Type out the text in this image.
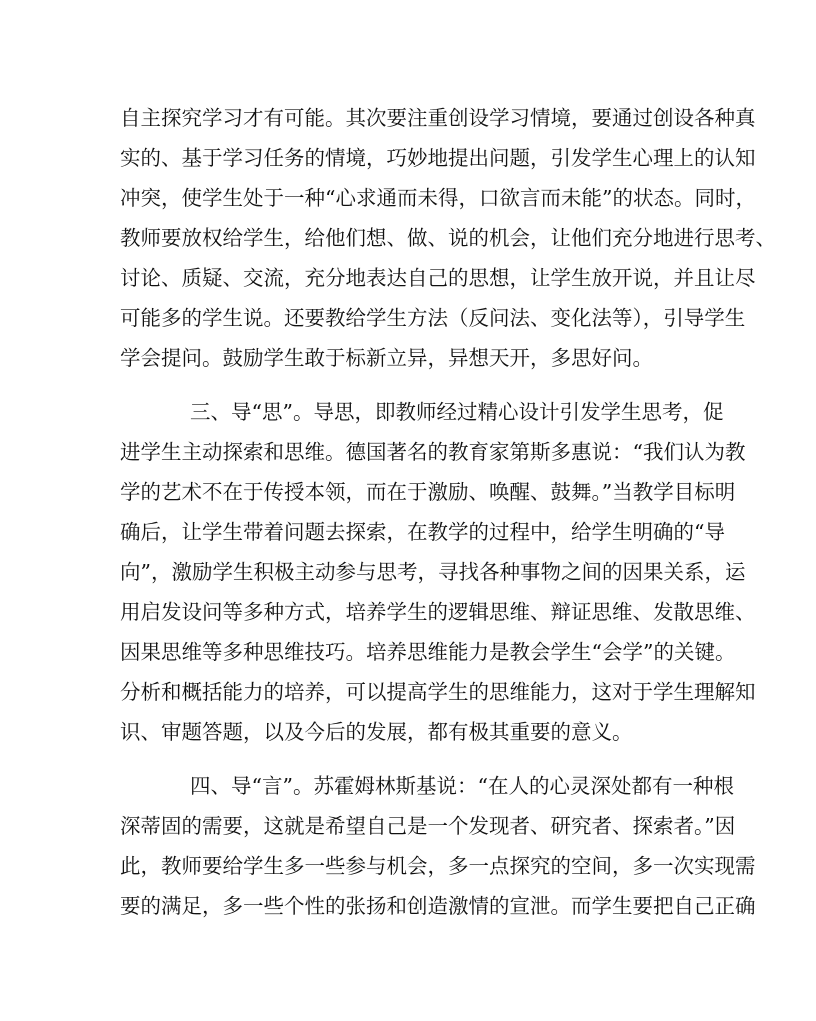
自主探究学习才有可能。其次要注重创设学习情境，要通过创设各种真
实的、基于学习任务的情境，巧妙地提出问题，引发学生心理上的认知
冲突，使学生处于一种“心求通而未得，口欲言而未能”的状态。同时，
教师要放权给学生，给他们想、做、说的机会，让他们充分地进行思考、
讨论、质疑、交流，充分地表达自己的思想，让学生放开说，并且让尽
可能多的学生说。还要教给学生方法（反问法、变化法等），引导学生
学会提问。鼓励学生敢于标新立异，异想天开，多思好问。
三、导“思”。导思，即教师经过精心设计引发学生思考，促
进学生主动探索和思维。德国著名的教育家第斯多惠说：“我们认为教
学的艺术不在于传授本领，而在于激励、唤醒、鼓舞。”当教学目标明
确后，让学生带着问题去探索，在教学的过程中，给学生明确的“导
向”，激励学生积极主动参与思考，寻找各种事物之间的因果关系，运
用启发设问等多种方式，培养学生的逻辑思维、辩证思维、发散思维、
因果思维等多种思维技巧。培养思维能力是教会学生“会学”的关键。
分析和概括能力的培养，可以提高学生的思维能力，这对于学生理解知
识、审题答题，以及今后的发展，都有极其重要的意义。
四、导“言”。苏霍姆林斯基说：“在人的心灵深处都有一种根
深蒂固的需要，这就是希望自己是一个发现者、研究者、探索者。”因
此，教师要给学生多一些参与机会，多一点探究的空间，多一次实现需
要的满足，多一些个性的张扬和创造激情的宣泄。而学生要把自己正确
